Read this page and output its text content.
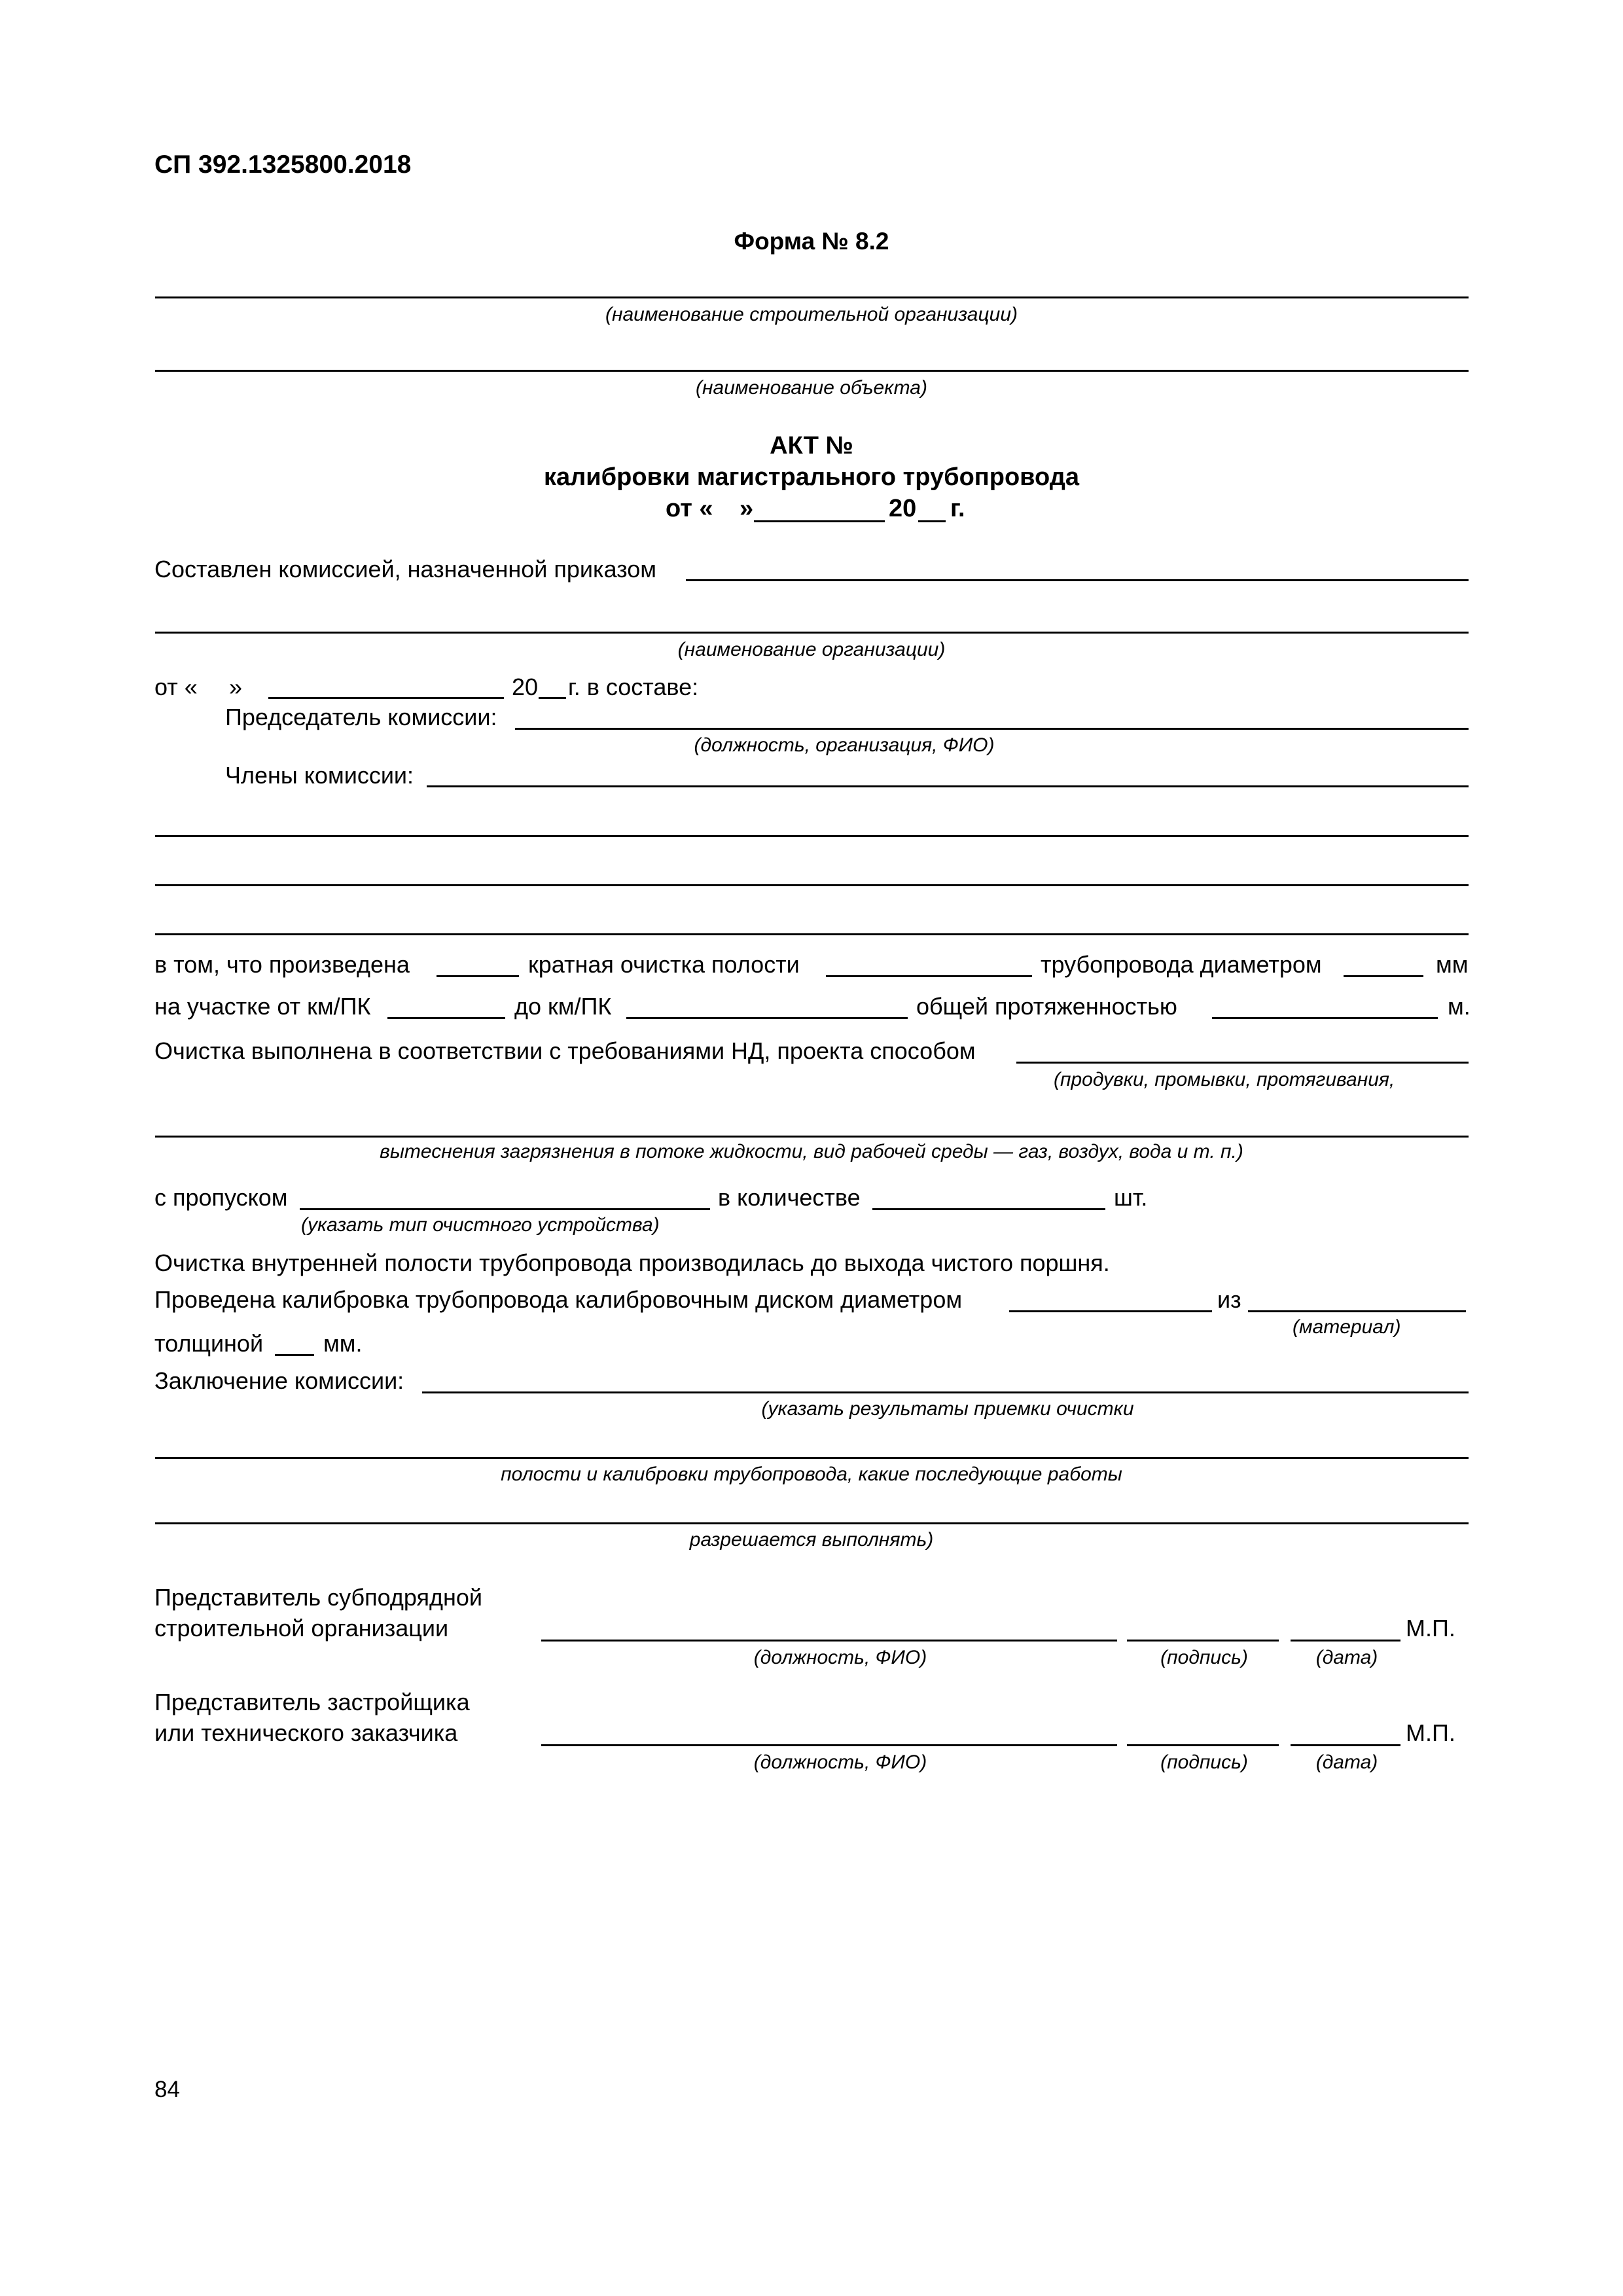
СП 392.1325800.2018
Форма № 8.2
(наименование строительной организации)
(наименование объекта)
АКТ №
калибровки магистрального трубопровода
от « »	20 г.
Составлен комиссией, назначенной приказом
(наименование организации)
от « »	20 г. в составе:
Председатель комиссии:
(должность, организация, ФИО)
Члены комиссии:
в том, что произведена	кратная очистка полости	трубопровода диаметром	мм
на участке от км/ПК	до км/ПК	общей протяженностью	м.
Очистка выполнена в соответствии с требованиями НД, проекта способом
(продувки, промывки, протягивания,
вытеснения загрязнения в потоке жидкости, вид рабочей среды — газ, воздух, вода и т. п.)
с пропуском
(указать тип очистного устройства)
в количестве	шт.
Очистка внутренней полости трубопровода производилась до выхода чистого поршня.
Проведена калибровка трубопровода калибровочным диском диаметром	из
(материал)
толщиной	мм.
Заключение комиссии:
(указать результаты приемки очистки
полости и калибровки трубопровода, какие последующие работы
разрешается выполнять)
Представитель субподрядной
строительной организации	М.П.
(должность, ФИО)	(подпись)	(дата)
Представитель застройщика
или технического заказчика	М.П.
(должность, ФИО)	(подпись)	(дата)
84
